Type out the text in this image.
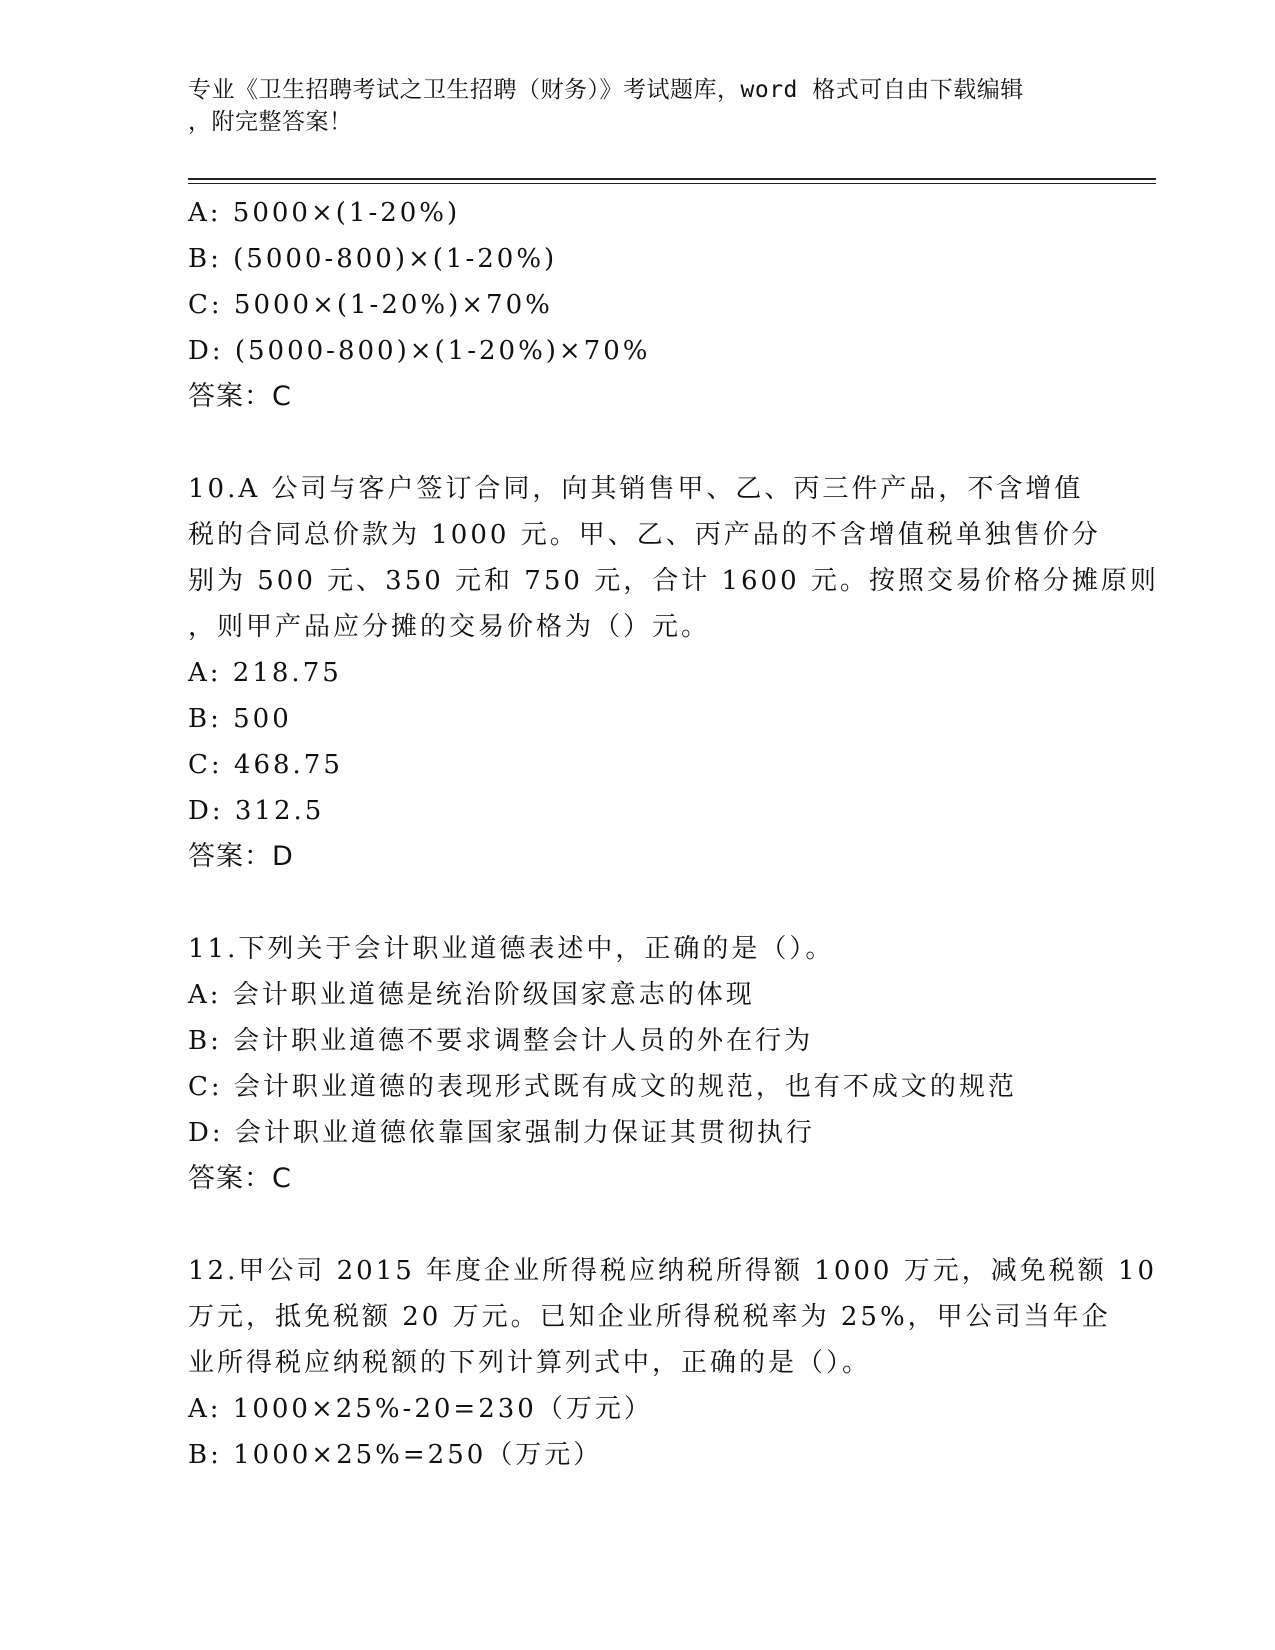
专业《卫生招聘考试之卫生招聘（财务）》考试题库，word 格式可自由下载编辑
，附完整答案！
A: 5000×(1-20%)
B: (5000-800)×(1-20%)
C: 5000×(1-20%)×70%
D: (5000-800)×(1-20%)×70%
答案：C
10.A 公司与客户签订合同，向其销售甲、乙、丙三件产品，不含增值
税的合同总价款为 1000 元。甲、乙、丙产品的不含增值税单独售价分
别为 500 元、350 元和 750 元，合计 1600 元。按照交易价格分摊原则
，则甲产品应分摊的交易价格为（）元。
A: 218.75
B: 500
C: 468.75
D: 312.5
答案：D
11.下列关于会计职业道德表述中，正确的是（）。
A: 会计职业道德是统治阶级国家意志的体现
B: 会计职业道德不要求调整会计人员的外在行为
C: 会计职业道德的表现形式既有成文的规范，也有不成文的规范
D: 会计职业道德依靠国家强制力保证其贯彻执行
答案：C
12.甲公司 2015 年度企业所得税应纳税所得额 1000 万元，减免税额 10
万元，抵免税额 20 万元。已知企业所得税税率为 25%，甲公司当年企
业所得税应纳税额的下列计算列式中，正确的是（）。
A: 1000×25%-20=230（万元）
B: 1000×25%=250（万元）
